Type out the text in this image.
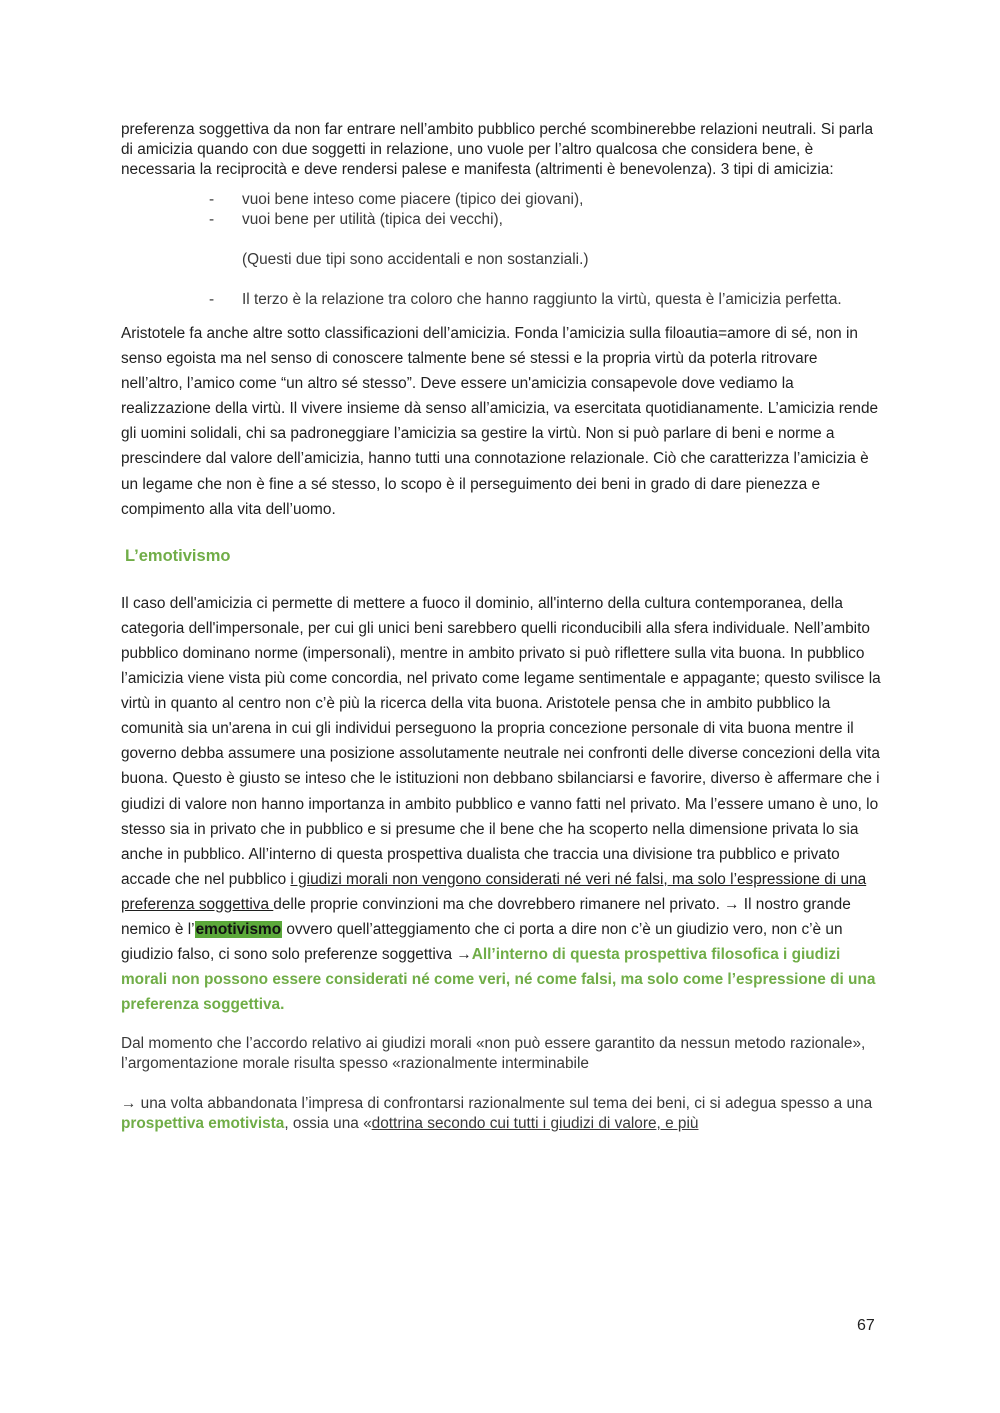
preferenza soggettiva da non far entrare nell’ambito pubblico perché scombinerebbe relazioni neutrali. Si parla di amicizia quando con due soggetti in relazione, uno vuole per l’altro qualcosa che considera bene, è necessaria la reciprocità e deve rendersi palese e manifesta (altrimenti è benevolenza). 3 tipi di amicizia:

- vuoi bene inteso come piacere (tipico dei giovani),
- vuoi bene per utilità (tipica dei vecchi),
(Questi due tipi sono accidentali e non sostanziali.)
- Il terzo è la relazione tra coloro che hanno raggiunto la virtù, questa è l’amicizia perfetta.

Aristotele fa anche altre sotto classificazioni dell’amicizia. Fonda l’amicizia sulla filoautia=amore di sé, non in senso egoista ma nel senso di conoscere talmente bene sé stessi e la propria virtù da poterla ritrovare nell’altro, l’amico come “un altro sé stesso”. Deve essere un'amicizia consapevole dove vediamo la realizzazione della virtù. Il vivere insieme dà senso all’amicizia, va esercitata quotidianamente. L’amicizia rende gli uomini solidali, chi sa padroneggiare l’amicizia sa gestire la virtù. Non si può parlare di beni e norme a prescindere dal valore dell’amicizia, hanno tutti una connotazione relazionale. Ciò che caratterizza l’amicizia è un legame che non è fine a sé stesso, lo scopo è il perseguimento dei beni in grado di dare pienezza e compimento alla vita dell’uomo.

L’emotivismo

Il caso dell'amicizia ci permette di mettere a fuoco il dominio, all'interno della cultura contemporanea, della categoria dell'impersonale, per cui gli unici beni sarebbero quelli riconducibili alla sfera individuale. Nell’ambito pubblico dominano norme (impersonali), mentre in ambito privato si può riflettere sulla vita buona. In pubblico l’amicizia viene vista più come concordia, nel privato come legame sentimentale e appagante; questo svilisce la virtù in quanto al centro non c’è più la ricerca della vita buona. Aristotele pensa che in ambito pubblico la comunità sia un'arena in cui gli individui perseguono la propria concezione personale di vita buona mentre il governo debba assumere una posizione assolutamente neutrale nei confronti delle diverse concezioni della vita buona. Questo è giusto se inteso che le istituzioni non debbano sbilanciarsi e favorire, diverso è affermare che i giudizi di valore non hanno importanza in ambito pubblico e vanno fatti nel privato. Ma l’essere umano è uno, lo stesso sia in privato che in pubblico e si presume che il bene che ha scoperto nella dimensione privata lo sia anche in pubblico. All’interno di questa prospettiva dualista che traccia una divisione tra pubblico e privato accade che nel pubblico i giudizi morali non vengono considerati né veri né falsi, ma solo l’espressione di una preferenza soggettiva delle proprie convinzioni ma che dovrebbero rimanere nel privato. → Il nostro grande nemico è l’emotivismo ovvero quell’atteggiamento che ci porta a dire non c’è un giudizio vero, non c’è un giudizio falso, ci sono solo preferenze soggettiva →All’interno di questa prospettiva filosofica i giudizi morali non possono essere considerati né come veri, né come falsi, ma solo come l’espressione di una preferenza soggettiva.

Dal momento che l’accordo relativo ai giudizi morali «non può essere garantito da nessun metodo razionale», l’argomentazione morale risulta spesso «razionalmente interminabile

→ una volta abbandonata l’impresa di confrontarsi razionalmente sul tema dei beni, ci si adegua spesso a una prospettiva emotivista, ossia una «dottrina secondo cui tutti i giudizi di valore, e più

67
